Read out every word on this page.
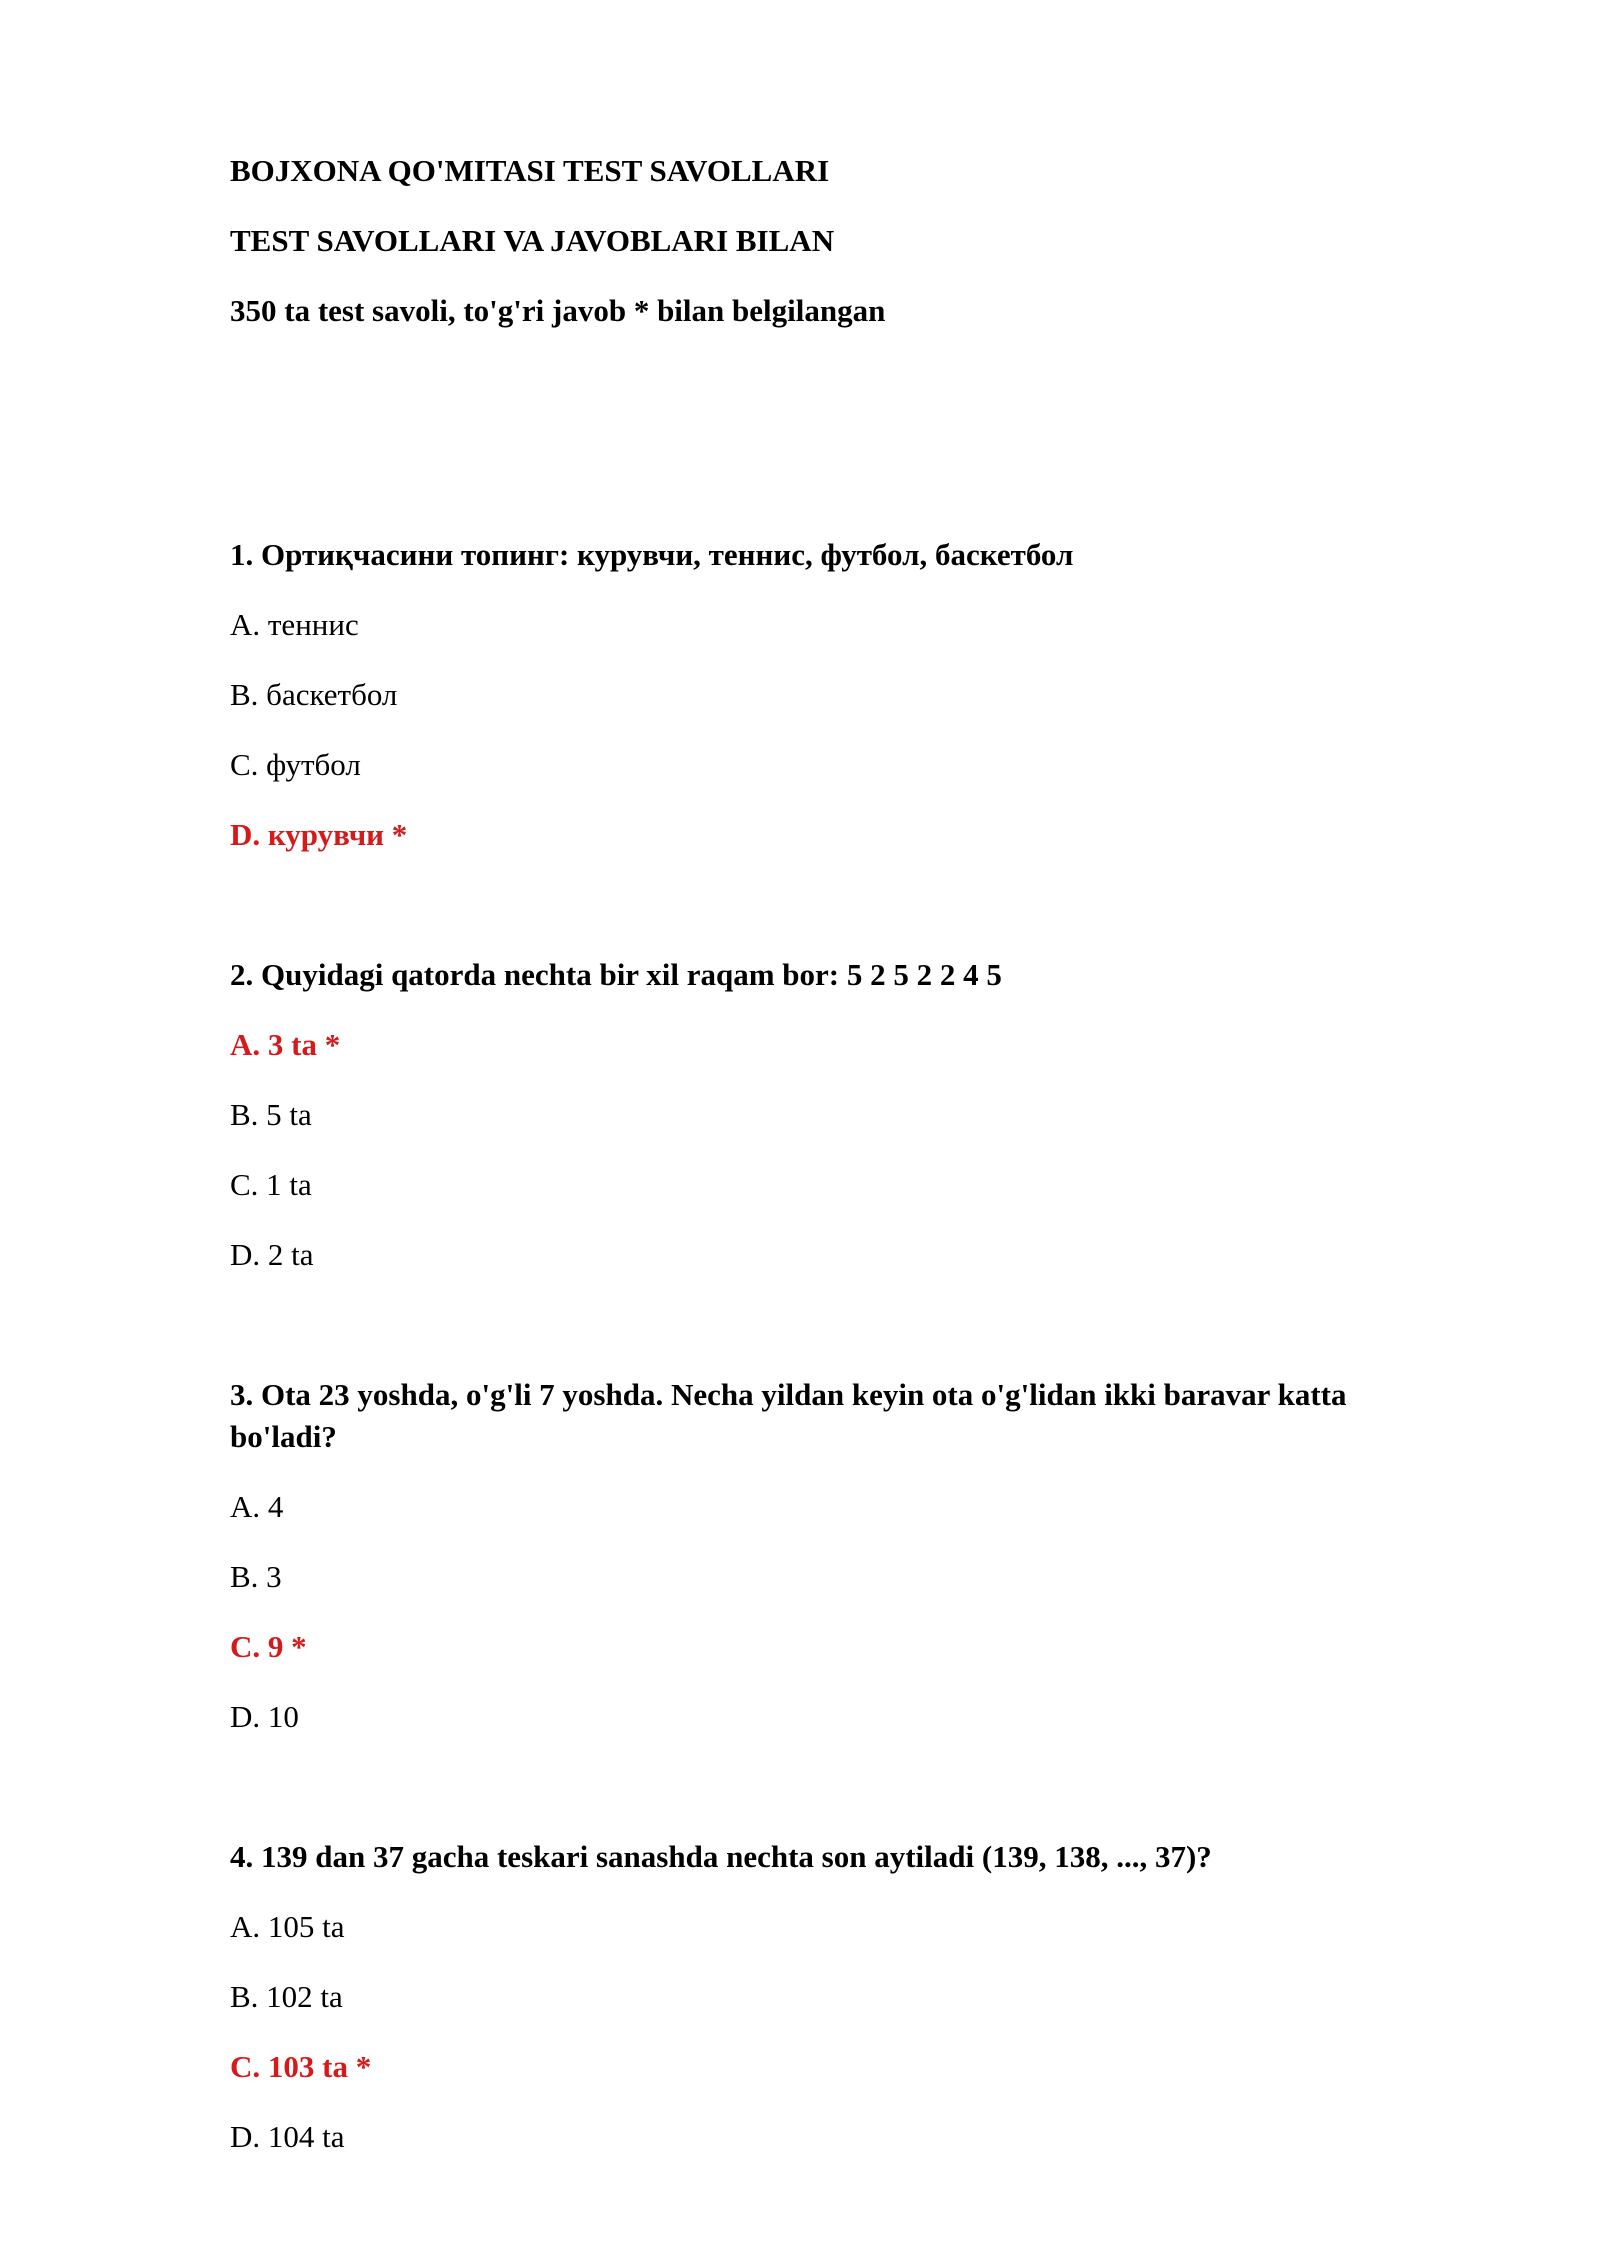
BOJXONA QO'MITASI TEST SAVOLLARI
TEST SAVOLLARI VA JAVOBLARI BILAN
350 ta test savoli, to'g'ri javob * bilan belgilangan
1. Ортиқчасини топинг: курувчи, теннис, футбол, баскетбол
A. теннис
B. баскетбол
C. футбол
D. курувчи *
2. Quyidagi qatorda nechta bir xil raqam bor: 5 2 5 2 2 4 5
A. 3 ta *
B. 5 ta
C. 1 ta
D. 2 ta
3. Ota 23 yoshda, o'g'li 7 yoshda. Necha yildan keyin ota o'g'lidan ikki baravar katta bo'ladi?
A. 4
B. 3
C. 9 *
D. 10
4. 139 dan 37 gacha teskari sanashda nechta son aytiladi (139, 138, ..., 37)?
A. 105 ta
B. 102 ta
C. 103 ta *
D. 104 ta
